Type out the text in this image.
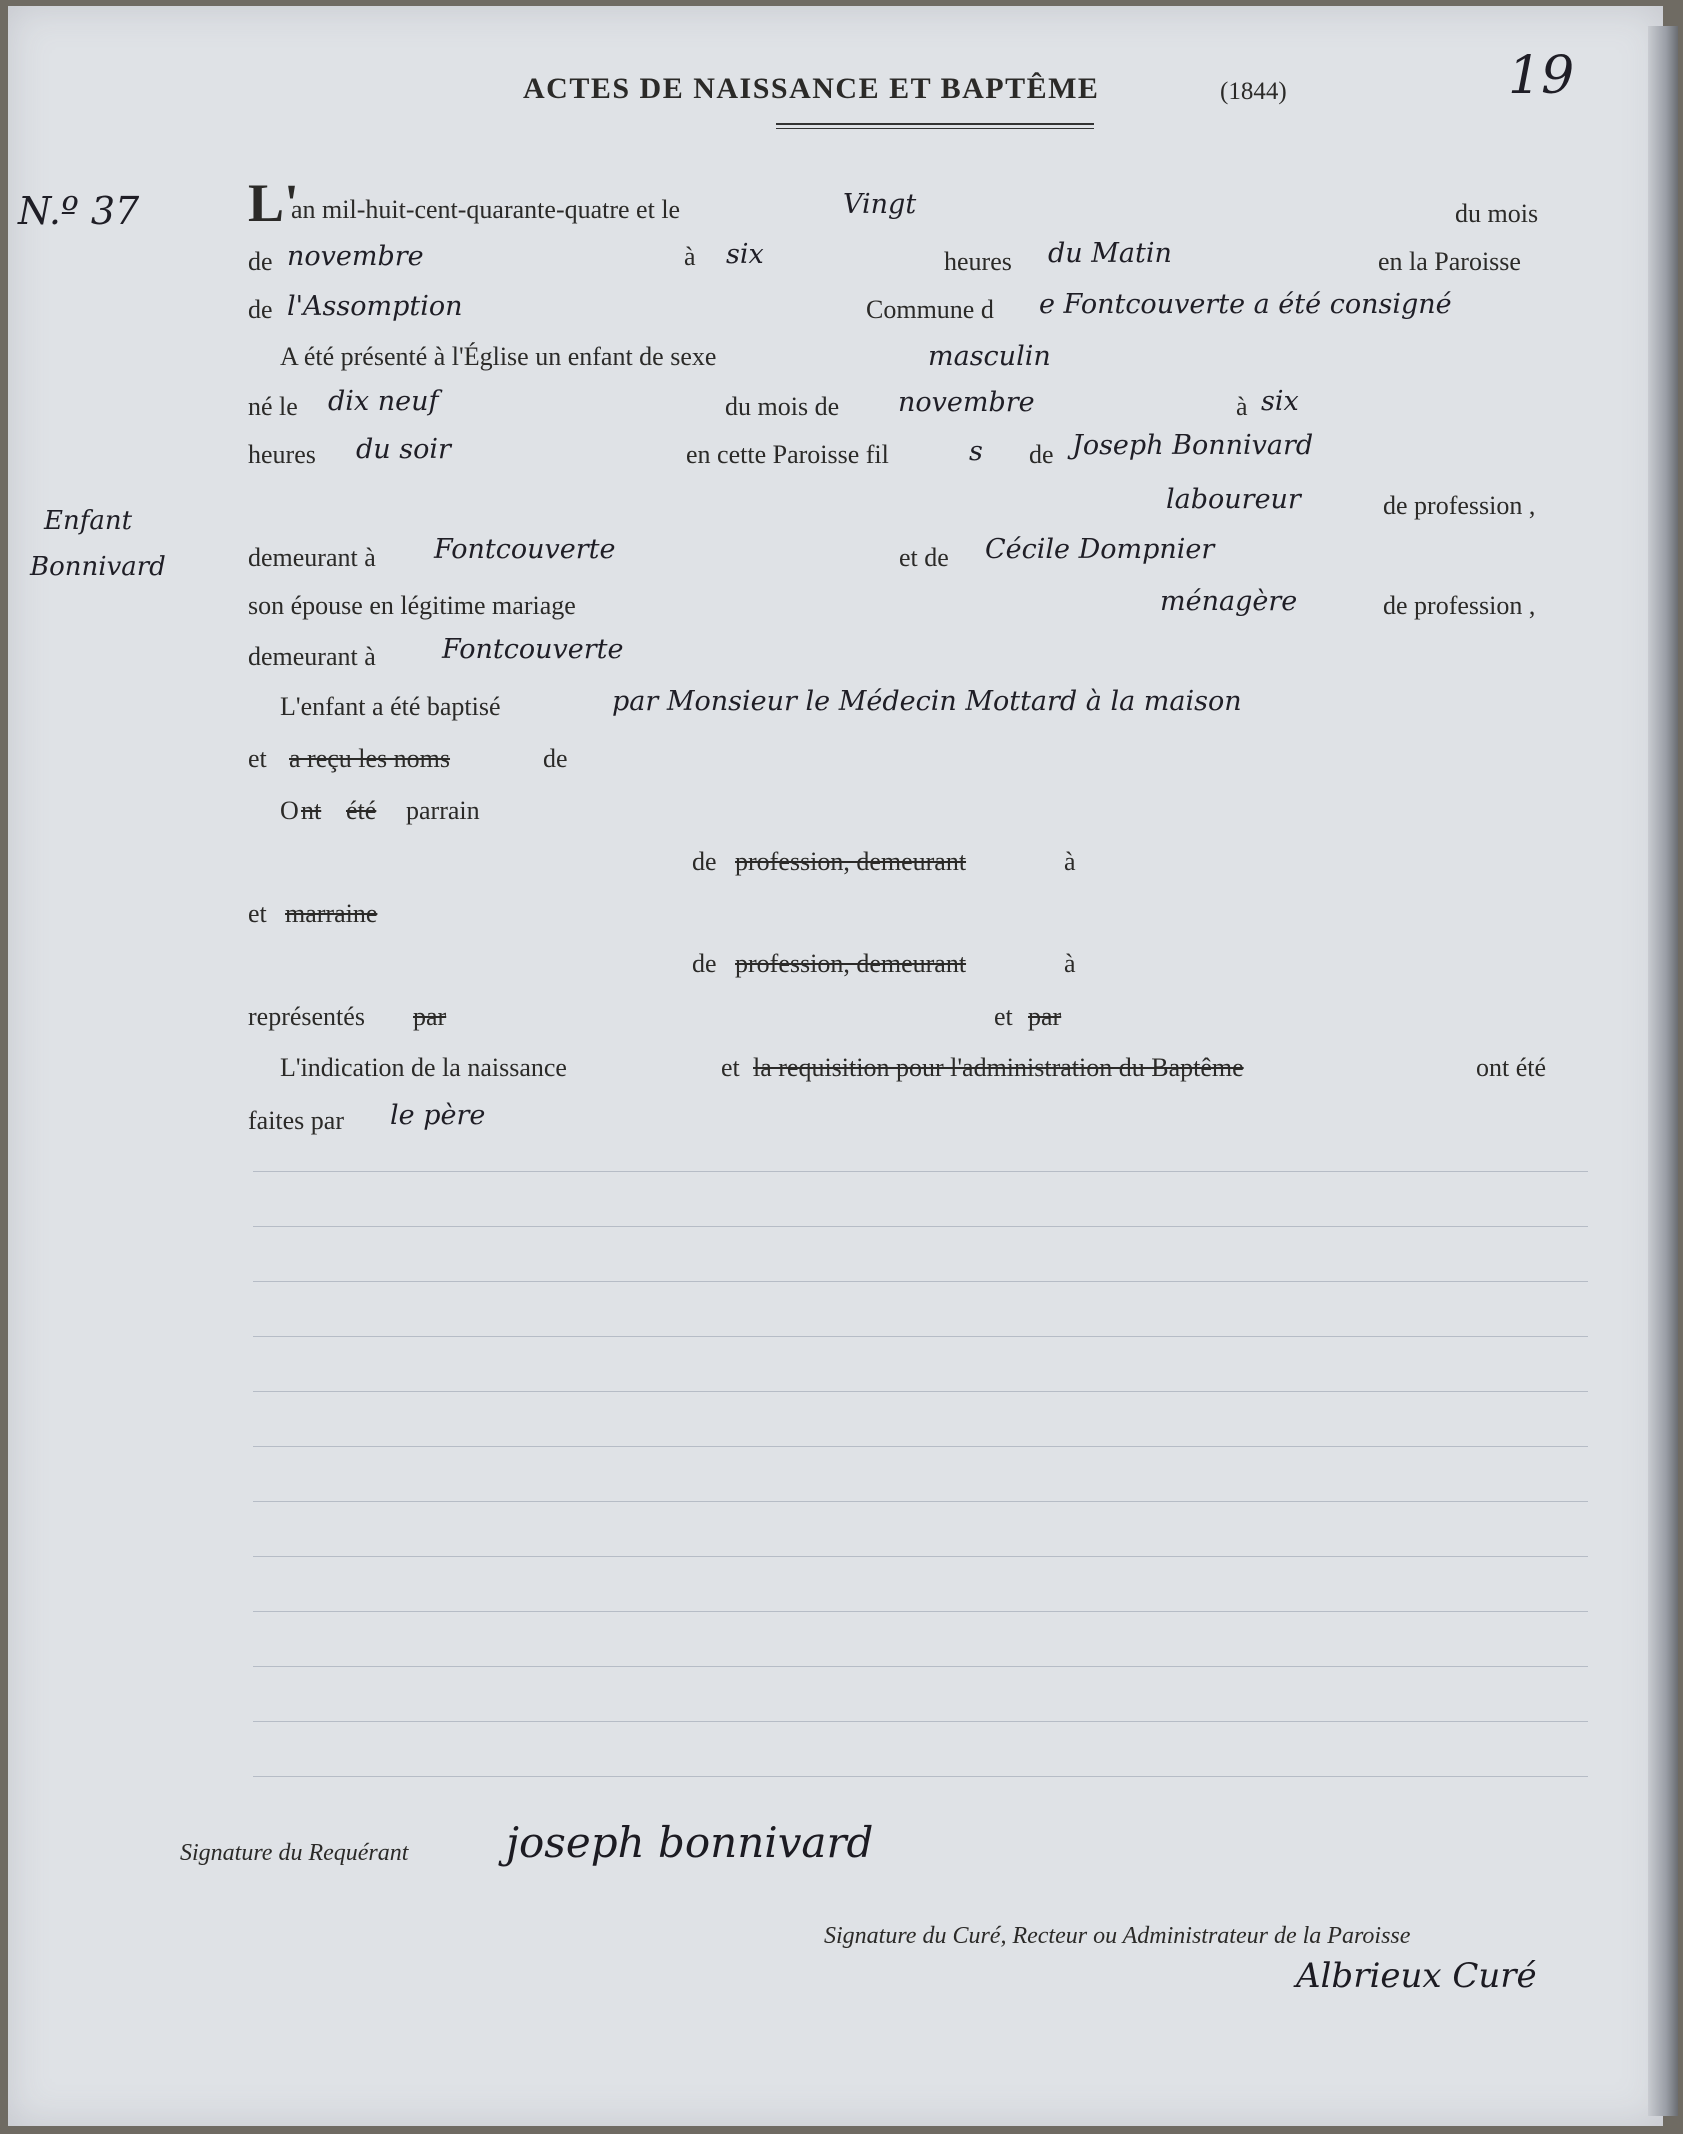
ACTES DE NAISSANCE ET BAPTÊME	(1844)	19
N.º 37
Enfant
Bonnivard
L'
an mil-huit-cent-quarante-quatre et le	Vingt	du mois
de novembre	à six	heures du Matin	en la Paroisse
de l'Assomption	Commune d e Fontcouverte a été consigné
A été présenté à l'Église un enfant de sexe	masculin
né le dix neuf	du mois de novembre	à six
heures du soir	en cette Paroisse fil	s de Joseph Bonnivard
laboureur	de profession ,
demeurant à Fontcouverte	et de Cécile Dompnier
son épouse en légitime mariage	ménagère	de profession ,
demeurant à Fontcouverte
L'enfant a été baptisé	par Monsieur le Médecin Mottard à la maison
et a reçu les noms	de
O nt été parrain
de profession, demeurant	à
et marraine
de profession, demeurant	à
représentés par	et par
L'indication de la naissance	et la requisition pour l'administration du Baptême	ont été
faites par le père
Signature du Requérant joseph bonnivard
Signature du Curé, Recteur ou Administrateur de la Paroisse
Albrieux Curé
